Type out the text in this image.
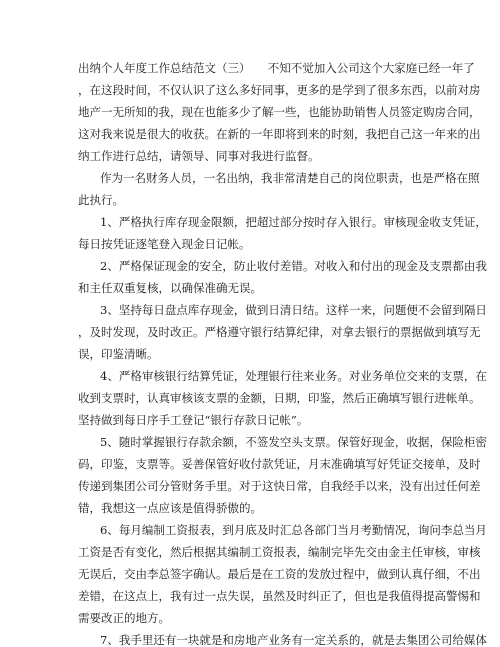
出纳个人年度工作总结范文（三）　　不知不觉加入公司这个大家庭已经一年了
，在这段时间，不仅认识了这么多好同事，更多的是学到了很多东西，以前对房
地产一无所知的我，现在也能多少了解一些，也能协助销售人员签定购房合同，
这对我来说是很大的收获。在新的一年即将到来的时刻，我把自己这一年来的出
纳工作进行总结，请领导、同事对我进行监督。
作为一名财务人员，一名出纳，我非常清楚自己的岗位职责，也是严格在照
此执行。
1、严格执行库存现金限额，把超过部分按时存入银行。审核现金收支凭证，
每日按凭证逐笔登入现金日记帐。
2、严格保证现金的安全，防止收付差错。对收入和付出的现金及支票都由我
和主任双重复核，以确保准确无误。
3、坚持每日盘点库存现金，做到日清日结。这样一来，问题便不会留到隔日
，及时发现，及时改正。严格遵守银行结算纪律，对拿去银行的票据做到填写无
误，印鉴清晰。
4、严格审核银行结算凭证，处理银行往来业务。对业务单位交来的支票，在
收到支票时，认真审核该支票的金额，日期，印鉴，然后正确填写银行进帐单。
坚持做到每日序手工登记“银行存款日记帐”。
5、随时掌握银行存款余额，不签发空头支票。保管好现金，收据，保险柜密
码，印鉴，支票等。妥善保管好收付款凭证，月末准确填写好凭证交接单，及时
传递到集团公司分管财务手里。对于这快日常，自我经手以来，没有出过任何差
错，我想这一点应该是值得骄傲的。
6、每月编制工资报表，到月底及时汇总各部门当月考勤情况，询问李总当月
工资是否有变化，然后根据其编制工资报表，编制完毕先交由金主任审核，审核
无误后，交由李总签字确认。最后是在工资的发放过程中，做到认真仔细，不出
差错，在这点上，我有过一点失误，虽然及时纠正了，但也是我值得提高警惕和
需要改正的地方。
7、我手里还有一块就是和房地产业务有一定关系的，就是去集团公司给媒体
